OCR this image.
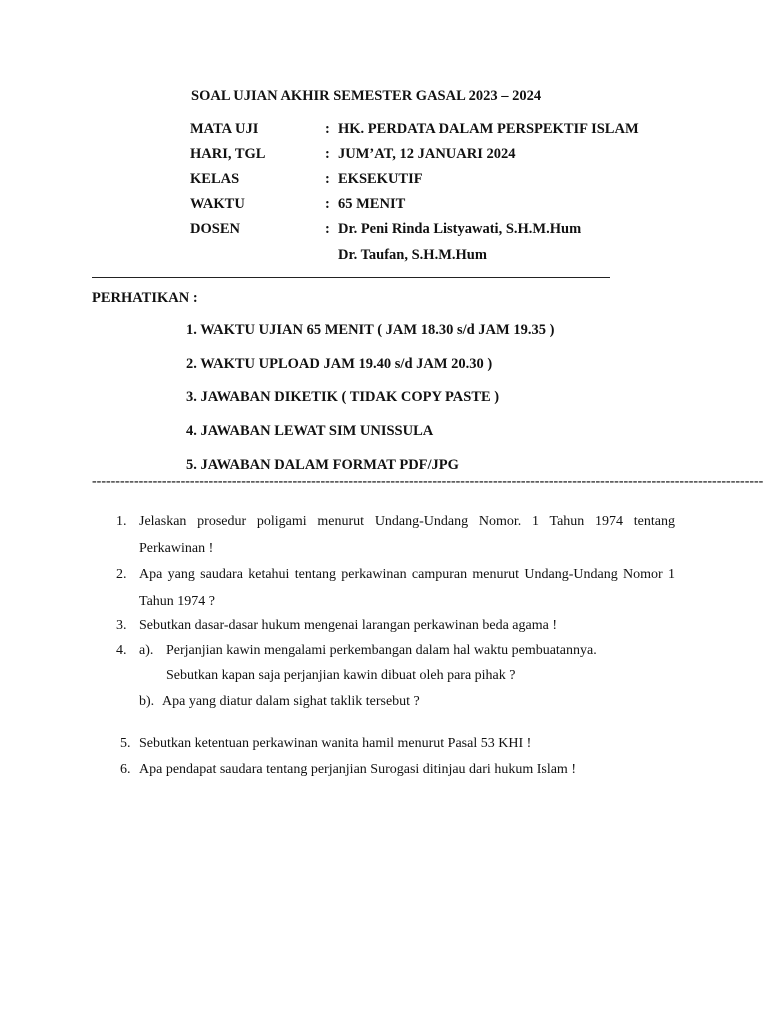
SOAL UJIAN AKHIR SEMESTER GASAL 2023 – 2024
MATA UJI	: HK. PERDATA DALAM PERSPEKTIF ISLAM
HARI, TGL	: JUM’AT, 12 JANUARI 2024
KELAS	: EKSEKUTIF
WAKTU	: 65 MENIT
DOSEN	: Dr. Peni Rinda Listyawati, S.H.M.Hum
Dr. Taufan, S.H.M.Hum
PERHATIKAN :
1. WAKTU UJIAN 65 MENIT ( JAM 18.30 s/d JAM 19.35 )
2. WAKTU UPLOAD JAM 19.40 s/d JAM 20.30 )
3. JAWABAN DIKETIK ( TIDAK COPY PASTE )
4. JAWABAN LEWAT SIM UNISSULA
5. JAWABAN DALAM FORMAT PDF/JPG
------------------------------------------------------------------------------------------------------------------------------------------------
1. Jelaskan prosedur poligami menurut Undang-Undang Nomor. 1 Tahun 1974 tentang Perkawinan !
2. Apa yang saudara ketahui tentang perkawinan campuran menurut Undang-Undang Nomor 1 Tahun 1974 ?
3. Sebutkan dasar-dasar hukum mengenai larangan perkawinan beda agama !
4. a). Perjanjian kawin mengalami perkembangan dalam hal waktu pembuatannya.
Sebutkan kapan saja perjanjian kawin dibuat oleh para pihak ?
b). Apa yang diatur dalam sighat taklik tersebut ?
5. Sebutkan ketentuan perkawinan wanita hamil menurut Pasal 53 KHI !
6. Apa pendapat saudara tentang perjanjian Surogasi ditinjau dari hukum Islam !
